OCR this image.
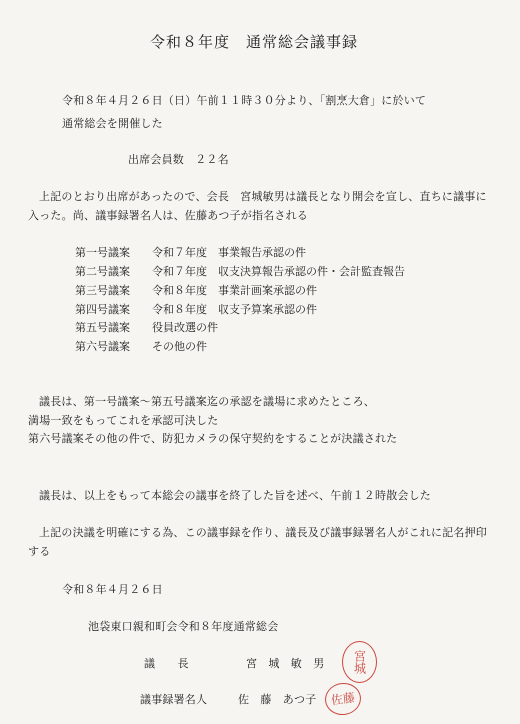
令和８年度　通常総会議事録
令和８年４月２６日（日）午前１１時３０分より、「割烹大倉」に於いて
通常総会を開催した
出席会員数　２２名
上記のとおり出席があったので、会長　宮城敏男は議長となり開会を宣し、直ちに議事に
入った。尚、議事録署名人は、佐藤あつ子が指名される
第一号議案 令和７年度　事業報告承認の件
第二号議案 令和７年度　収支決算報告承認の件・会計監査報告
第三号議案 令和８年度　事業計画案承認の件
第四号議案 令和８年度　収支予算案承認の件
第五号議案 役員改選の件
第六号議案 その他の件
議長は、第一号議案～第五号議案迄の承認を議場に求めたところ、
満場一致をもってこれを承認可決した
第六号議案その他の件で、防犯カメラの保守契約をすることが決議された
議長は、以上をもって本総会の議事を終了した旨を述べ、午前１２時散会した
上記の決議を明確にする為、この議事録を作り、議長及び議事録署名人がこれに記名押印
する
令和８年４月２６日
池袋東口親和町会令和８年度通常総会
議　　長	宮　城　敏　男 宮城
議事録署名人	佐　藤　あつ子 佐藤
